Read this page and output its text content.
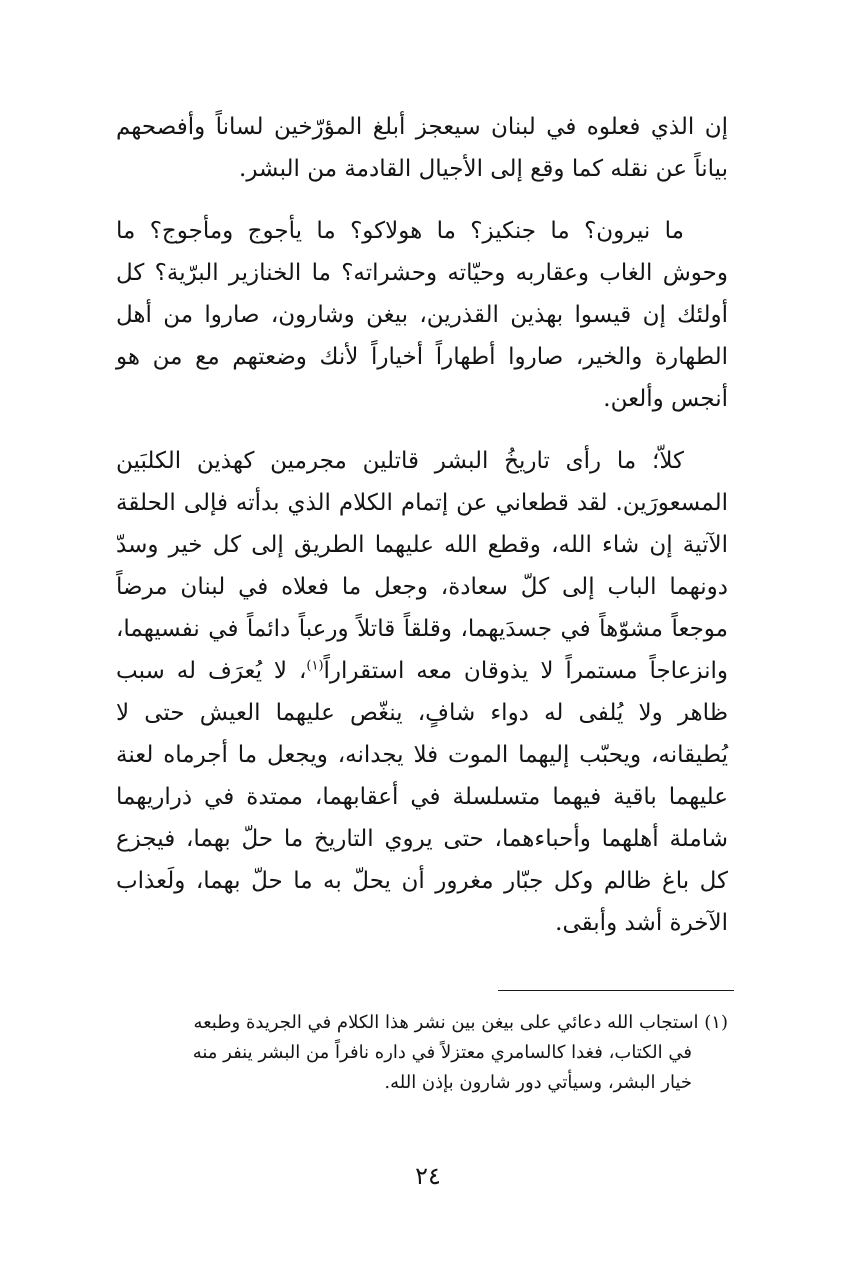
إن الذي فعلوه في لبنان سيعجز أبلغ المؤرّخين لساناً وأفصحهم بياناً عن نقله كما وقع إلى الأجيال القادمة من البشر.

ما نيرون؟ ما جنكيز؟ ما هولاكو؟ ما يأجوج ومأجوج؟ ما وحوش الغاب وعقاربه وحيّاته وحشراته؟ ما الخنازير البرّية؟ كل أولئك إن قيسوا بهذين القذرين، بيغن وشارون، صاروا من أهل الطهارة والخير، صاروا أطهاراً أخياراً لأنك وضعتهم مع من هو أنجس وألعن.

كلاّ؛ ما رأى تاريخُ البشر قاتلين مجرمين كهذين الكلبَين المسعورَين. لقد قطعاني عن إتمام الكلام الذي بدأته فإلى الحلقة الآتية إن شاء الله، وقطع الله عليهما الطريق إلى كل خير وسدّ دونهما الباب إلى كلّ سعادة، وجعل ما فعلاه في لبنان مرضاً موجعاً مشوّهاً في جسدَيهما، وقلقاً قاتلاً ورعباً دائماً في نفسيهما، وانزعاجاً مستمراً لا يذوقان معه استقراراً$^{(١)}$، لا يُعرَف له سبب ظاهر ولا يُلفى له دواء شافٍ، ينغّص عليهما العيش حتى لا يُطيقانه، ويحبّب إليهما الموت فلا يجدانه، ويجعل ما أجرماه لعنة عليهما باقية فيهما متسلسلة في أعقابهما، ممتدة في ذراريهما شاملة أهلهما وأحباءهما، حتى يروي التاريخ ما حلّ بهما، فيجزع كل باغ ظالم وكل جبّار مغرور أن يحلّ به ما حلّ بهما، ولَعذاب الآخرة أشد وأبقى.

(١) استجاب الله دعائي على بيغن بين نشر هذا الكلام في الجريدة وطبعه
في الكتاب، فغدا كالسامري معتزلاً في داره نافراً من البشر ينفر منه
خيار البشر، وسيأتي دور شارون بإذن الله.
٢٤
